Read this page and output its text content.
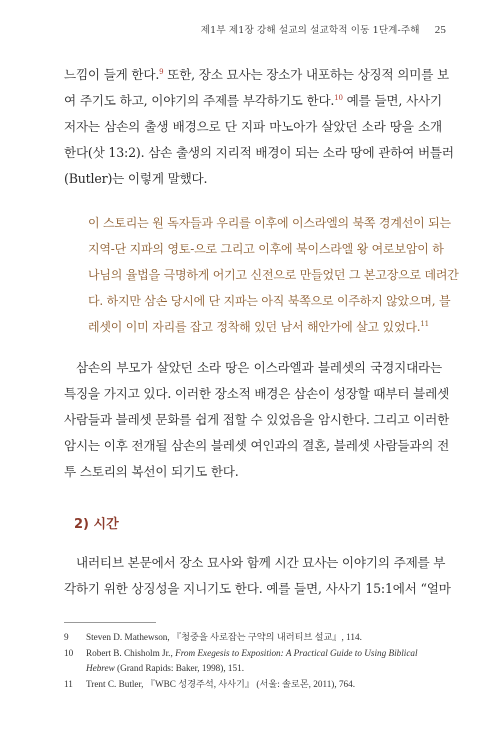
제1부 제1장 강해 설교의 설교학적 이동 1단계-주해 25
느낌이 들게 한다.$^9$ 또한, 장소 묘사는 장소가 내포하는 상징적 의미를 보
여 주기도 하고, 이야기의 주제를 부각하기도 한다.$^{10}$ 예를 들면, 사사기
저자는 삼손의 출생 배경으로 단 지파 마노아가 살았던 소라 땅을 소개
한다(삿 13:2). 삼손 출생의 지리적 배경이 되는 소라 땅에 관하여 버틀러
(Butler)는 이렇게 말했다.
이 스토리는 원 독자들과 우리를 이후에 이스라엘의 북쪽 경계선이 되는
지역-단 지파의 영토-으로 그리고 이후에 북이스라엘 왕 여로보암이 하
나님의 율법을 극명하게 어기고 신전으로 만들었던 그 본고장으로 데려간
다. 하지만 삼손 당시에 단 지파는 아직 북쪽으로 이주하지 않았으며, 블
레셋이 이미 자리를 잡고 정착해 있던 남서 해안가에 살고 있었다.$^{11}$
삼손의 부모가 살았던 소라 땅은 이스라엘과 블레셋의 국경지대라는
특징을 가지고 있다. 이러한 장소적 배경은 삼손이 성장할 때부터 블레셋
사람들과 블레셋 문화를 쉽게 접할 수 있었음을 암시한다. 그리고 이러한
암시는 이후 전개될 삼손의 블레셋 여인과의 결혼, 블레셋 사람들과의 전
투 스토리의 복선이 되기도 한다.
2) 시간
내러티브 본문에서 장소 묘사와 함께 시간 묘사는 이야기의 주제를 부
각하기 위한 상징성을 지니기도 한다. 예를 들면, 사사기 15:1에서 “얼마
9	Steven D. Mathewson, 『청중을 사로잡는 구약의 내러티브 설교』, 114.
10	Robert B. Chisholm Jr., From Exegesis to Exposition: A Practical Guide to Using Biblical
Hebrew (Grand Rapids: Baker, 1998), 151.
11	Trent C. Butler, 『WBC 성경주석, 사사기』 (서울: 솔로몬, 2011), 764.
